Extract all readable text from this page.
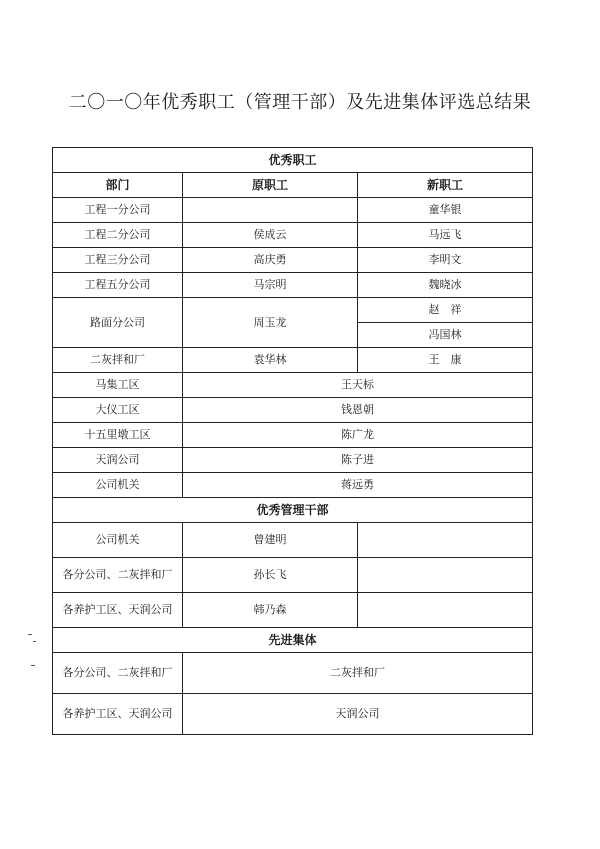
二〇一〇年优秀职工（管理干部）及先进集体评选总结果
优秀职工		
部门	原职工	新职工
工程一分公司		童华银
工程二分公司	侯成云	马远飞
工程三分公司	高庆勇	李明文
工程五分公司	马宗明	魏晓冰
路面分公司	周玉龙	赵　祥
		冯国林
二灰拌和厂	袁华林	王　康
马集工区	王天标	
大仪工区	钱恩朝	
十五里墩工区	陈广龙	
天润公司	陈子进	
公司机关	蒋远勇	
优秀管理干部		
公司机关	曾建明	
各分公司、二灰拌和厂	孙长飞	
各养护工区、天润公司	韩乃森	
先进集体		
各分公司、二灰拌和厂	二灰拌和厂	
各养护工区、天润公司	天润公司	
